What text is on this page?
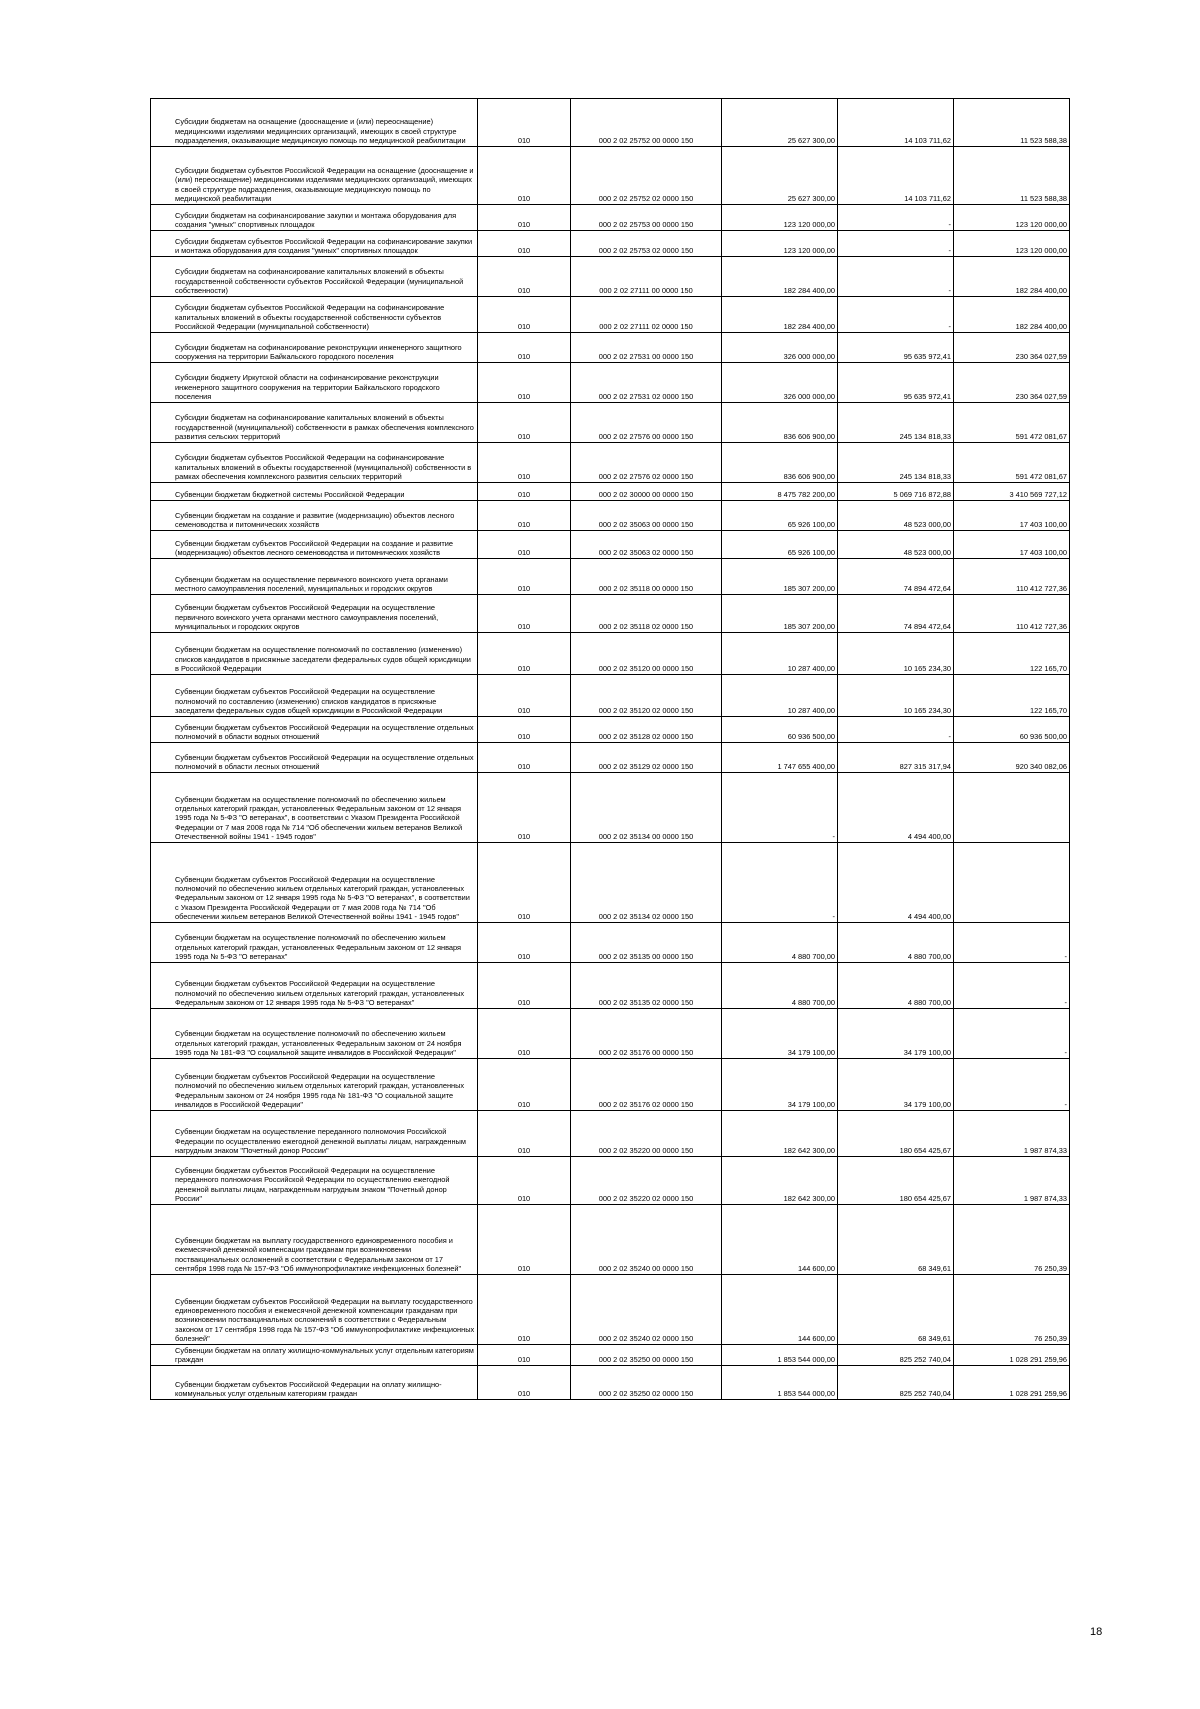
Субсидии бюджетам на оснащение (дооснащение и (или) переоснащение) медицинскими изделиями медицинских организаций, имеющих в своей структуре подразделения, оказывающие медицинскую помощь по медицинской реабилитации	010	000 2 02 25752 00 0000 150	25 627 300,00	14 103 711,62	11 523 588,38
Субсидии бюджетам субъектов Российской Федерации на оснащение (дооснащение и (или) переоснащение) медицинскими изделиями медицинских организаций, имеющих в своей структуре подразделения, оказывающие медицинскую помощь по медицинской реабилитации	010	000 2 02 25752 02 0000 150	25 627 300,00	14 103 711,62	11 523 588,38
Субсидии бюджетам на софинансирование закупки и монтажа оборудования для создания "умных" спортивных площадок	010	000 2 02 25753 00 0000 150	123 120 000,00	-	123 120 000,00
Субсидии бюджетам субъектов Российской Федерации на софинансирование закупки и монтажа оборудования для создания "умных" спортивных площадок	010	000 2 02 25753 02 0000 150	123 120 000,00	-	123 120 000,00
Субсидии бюджетам на софинансирование капитальных вложений в объекты государственной собственности субъектов Российской Федерации (муниципальной собственности)	010	000 2 02 27111 00 0000 150	182 284 400,00	-	182 284 400,00
Субсидии бюджетам субъектов Российской Федерации на софинансирование капитальных вложений в объекты государственной собственности субъектов Российской Федерации (муниципальной собственности)	010	000 2 02 27111 02 0000 150	182 284 400,00	-	182 284 400,00
Субсидии бюджетам на софинансирование реконструкции инженерного защитного сооружения на территории Байкальского городского поселения	010	000 2 02 27531 00 0000 150	326 000 000,00	95 635 972,41	230 364 027,59
Субсидии бюджету Иркутской области на софинансирование реконструкции инженерного защитного сооружения на территории Байкальского городского поселения	010	000 2 02 27531 02 0000 150	326 000 000,00	95 635 972,41	230 364 027,59
Субсидии бюджетам на софинансирование капитальных вложений в объекты государственной (муниципальной) собственности в рамках обеспечения комплексного развития сельских территорий	010	000 2 02 27576 00 0000 150	836 606 900,00	245 134 818,33	591 472 081,67
Субсидии бюджетам субъектов Российской Федерации на софинансирование капитальных вложений в объекты государственной (муниципальной) собственности в рамках обеспечения комплексного развития сельских территорий	010	000 2 02 27576 02 0000 150	836 606 900,00	245 134 818,33	591 472 081,67
Субвенции бюджетам бюджетной системы Российской Федерации	010	000 2 02 30000 00 0000 150	8 475 782 200,00	5 069 716 872,88	3 410 569 727,12
Субвенции бюджетам на создание и развитие (модернизацию) объектов лесного семеноводства и питомнических хозяйств	010	000 2 02 35063 00 0000 150	65 926 100,00	48 523 000,00	17 403 100,00
Субвенции бюджетам субъектов Российской Федерации на создание и развитие (модернизацию) объектов лесного семеноводства и питомнических хозяйств	010	000 2 02 35063 02 0000 150	65 926 100,00	48 523 000,00	17 403 100,00
Субвенции бюджетам на осуществление первичного воинского учета органами местного самоуправления поселений, муниципальных и городских округов	010	000 2 02 35118 00 0000 150	185 307 200,00	74 894 472,64	110 412 727,36
Субвенции бюджетам субъектов Российской Федерации на осуществление первичного воинского учета органами местного самоуправления поселений, муниципальных и городских округов	010	000 2 02 35118 02 0000 150	185 307 200,00	74 894 472,64	110 412 727,36
Субвенции бюджетам на осуществление полномочий по составлению (изменению) списков кандидатов в присяжные заседатели федеральных судов общей юрисдикции в Российской Федерации	010	000 2 02 35120 00 0000 150	10 287 400,00	10 165 234,30	122 165,70
Субвенции бюджетам субъектов Российской Федерации на осуществление полномочий по составлению (изменению) списков кандидатов в присяжные заседатели федеральных судов общей юрисдикции в Российской Федерации	010	000 2 02 35120 02 0000 150	10 287 400,00	10 165 234,30	122 165,70
Субвенции бюджетам субъектов Российской Федерации на осуществление отдельных полномочий в области водных отношений	010	000 2 02 35128 02 0000 150	60 936 500,00	-	60 936 500,00
Субвенции бюджетам субъектов Российской Федерации на осуществление отдельных полномочий в области лесных отношений	010	000 2 02 35129 02 0000 150	1 747 655 400,00	827 315 317,94	920 340 082,06
Субвенции бюджетам на осуществление полномочий по обеспечению жильем отдельных категорий граждан, установленных Федеральным законом от 12 января 1995 года № 5-ФЗ "О ветеранах", в соответствии с Указом Президента Российской Федерации от 7 мая 2008 года № 714 "Об обеспечении жильем ветеранов Великой Отечественной войны 1941 - 1945 годов"	010	000 2 02 35134 00 0000 150	-	4 494 400,00	
Субвенции бюджетам субъектов Российской Федерации на осуществление полномочий по обеспечению жильем отдельных категорий граждан, установленных Федеральным законом от 12 января 1995 года № 5-ФЗ "О ветеранах", в соответствии с Указом Президента Российской Федерации от 7 мая 2008 года № 714 "Об обеспечении жильем ветеранов Великой Отечественной войны 1941 - 1945 годов"	010	000 2 02 35134 02 0000 150	-	4 494 400,00	
Субвенции бюджетам на осуществление полномочий по обеспечению жильем отдельных категорий граждан, установленных Федеральным законом от 12 января 1995 года № 5-ФЗ "О ветеранах"	010	000 2 02 35135 00 0000 150	4 880 700,00	4 880 700,00	-
Субвенции бюджетам субъектов Российской Федерации на осуществление полномочий по обеспечению жильем отдельных категорий граждан, установленных Федеральным законом от 12 января 1995 года № 5-ФЗ "О ветеранах"	010	000 2 02 35135 02 0000 150	4 880 700,00	4 880 700,00	-
Субвенции бюджетам на осуществление полномочий по обеспечению жильем отдельных категорий граждан, установленных Федеральным законом от 24 ноября 1995 года № 181-ФЗ "О социальной защите инвалидов в Российской Федерации"	010	000 2 02 35176 00 0000 150	34 179 100,00	34 179 100,00	-
Субвенции бюджетам субъектов Российской Федерации на осуществление полномочий по обеспечению жильем отдельных категорий граждан, установленных Федеральным законом от 24 ноября 1995 года № 181-ФЗ "О социальной защите инвалидов в Российской Федерации"	010	000 2 02 35176 02 0000 150	34 179 100,00	34 179 100,00	-
Субвенции бюджетам на осуществление переданного полномочия Российской Федерации по осуществлению ежегодной денежной выплаты лицам, награжденным нагрудным знаком "Почетный донор России"	010	000 2 02 35220 00 0000 150	182 642 300,00	180 654 425,67	1 987 874,33
Субвенции бюджетам субъектов Российской Федерации на осуществление переданного полномочия Российской Федерации по осуществлению ежегодной денежной выплаты лицам, награжденным нагрудным знаком "Почетный донор России"	010	000 2 02 35220 02 0000 150	182 642 300,00	180 654 425,67	1 987 874,33
Субвенции бюджетам на выплату государственного единовременного пособия и ежемесячной денежной компенсации гражданам при возникновении поствакцинальных осложнений в соответствии с Федеральным законом от 17 сентября 1998 года № 157-ФЗ "Об иммунопрофилактике инфекционных болезней"	010	000 2 02 35240 00 0000 150	144 600,00	68 349,61	76 250,39
Субвенции бюджетам субъектов Российской Федерации на выплату государственного единовременного пособия и ежемесячной денежной компенсации гражданам при возникновении поствакцинальных осложнений в соответствии с Федеральным законом от 17 сентября 1998 года № 157-ФЗ "Об иммунопрофилактике инфекционных болезней"	010	000 2 02 35240 02 0000 150	144 600,00	68 349,61	76 250,39
Субвенции бюджетам на оплату жилищно-коммунальных услуг отдельным категориям граждан	010	000 2 02 35250 00 0000 150	1 853 544 000,00	825 252 740,04	1 028 291 259,96
Субвенции бюджетам субъектов Российской Федерации на оплату жилищно-коммунальных услуг отдельным категориям граждан	010	000 2 02 35250 02 0000 150	1 853 544 000,00	825 252 740,04	1 028 291 259,96
18
